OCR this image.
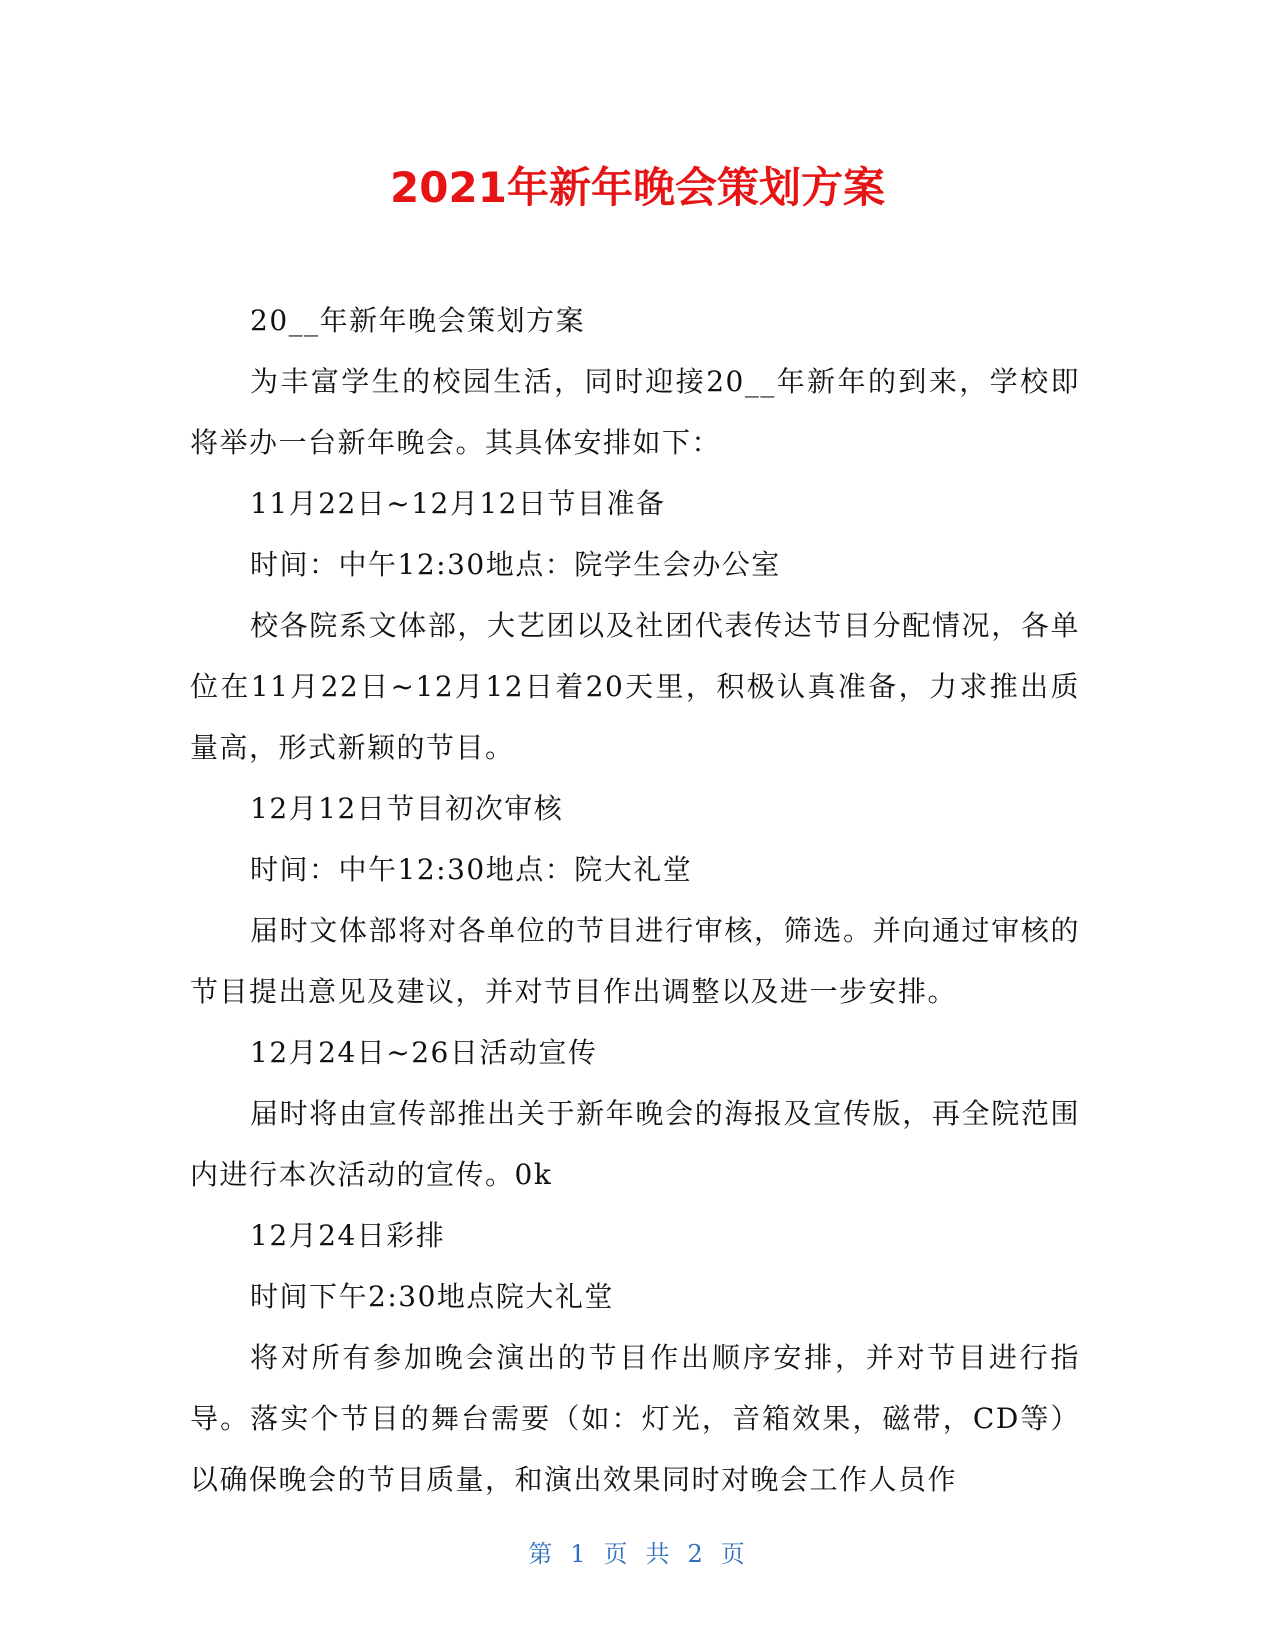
2021年新年晚会策划方案

20__年新年晚会策划方案

为丰富学生的校园生活，同时迎接20__年新年的到来，学校即将举办一台新年晚会。其具体安排如下：

11月22日~12月12日节目准备

时间：中午12:30地点：院学生会办公室

校各院系文体部，大艺团以及社团代表传达节目分配情况，各单位在11月22日~12月12日着20天里，积极认真准备，力求推出质量高，形式新颖的节目。

12月12日节目初次审核

时间：中午12:30地点：院大礼堂

届时文体部将对各单位的节目进行审核，筛选。并向通过审核的节目提出意见及建议，并对节目作出调整以及进一步安排。

12月24日~26日活动宣传

届时将由宣传部推出关于新年晚会的海报及宣传版，再全院范围内进行本次活动的宣传。0k

12月24日彩排

时间下午2:30地点院大礼堂

将对所有参加晚会演出的节目作出顺序安排，并对节目进行指导。落实个节目的舞台需要（如：灯光，音箱效果，磁带，CD等）以确保晚会的节目质量，和演出效果同时对晚会工作人员作

第 1 页 共 2 页
